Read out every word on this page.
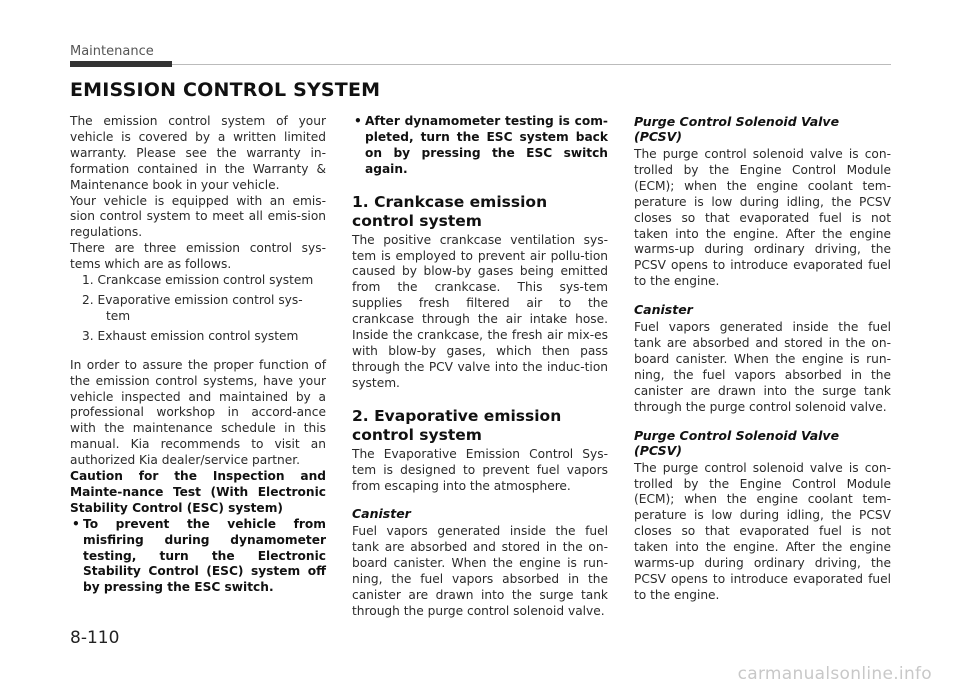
Maintenance
EMISSION CONTROL SYSTEM

The emission control system of your vehicle is covered by a written limited warranty. Please see the warranty in-formation contained in the Warranty & Maintenance book in your vehicle.

Your vehicle is equipped with an emis-sion control system to meet all emis-sion regulations.

There are three emission control sys-tems which are as follows.

1. Crankcase emission control system
2. Evaporative emission control sys-
tem
3. Exhaust emission control system

In order to assure the proper function of the emission control systems, have your vehicle inspected and maintained by a professional workshop in accord-ance with the maintenance schedule in this manual. Kia recommends to visit an authorized Kia dealer/service partner.

Caution for the Inspection and Mainte-nance Test (With Electronic Stability Control (ESC) system)

• To prevent the vehicle from misfiring during dynamometer testing, turn the Electronic Stability Control (ESC) system off by pressing the ESC switch.
• After dynamometer testing is com-pleted, turn the ESC system back on by pressing the ESC switch again.
1. Crankcase emission control system

The positive crankcase ventilation sys-tem is employed to prevent air pollu-tion caused by blow-by gases being emitted from the crankcase. This sys-tem supplies fresh filtered air to the crankcase through the air intake hose. Inside the crankcase, the fresh air mix-es with blow-by gases, which then pass through the PCV valve into the induc-tion system.

2. Evaporative emission control system

The Evaporative Emission Control Sys-tem is designed to prevent fuel vapors from escaping into the atmosphere.

Canister

Fuel vapors generated inside the fuel tank are absorbed and stored in the on-board canister. When the engine is run-ning, the fuel vapors absorbed in the canister are drawn into the surge tank through the purge control solenoid valve.

Purge Control Solenoid Valve (PCSV)

The purge control solenoid valve is con-trolled by the Engine Control Module (ECM); when the engine coolant tem-perature is low during idling, the PCSV closes so that evaporated fuel is not taken into the engine. After the engine warms-up during ordinary driving, the PCSV opens to introduce evaporated fuel to the engine.

Canister

Fuel vapors generated inside the fuel tank are absorbed and stored in the on-board canister. When the engine is run-ning, the fuel vapors absorbed in the canister are drawn into the surge tank through the purge control solenoid valve.

Purge Control Solenoid Valve (PCSV)

The purge control solenoid valve is con-trolled by the Engine Control Module (ECM); when the engine coolant tem-perature is low during idling, the PCSV closes so that evaporated fuel is not taken into the engine. After the engine warms-up during ordinary driving, the PCSV opens to introduce evaporated fuel to the engine.

8-110
carmanualsonline.info
